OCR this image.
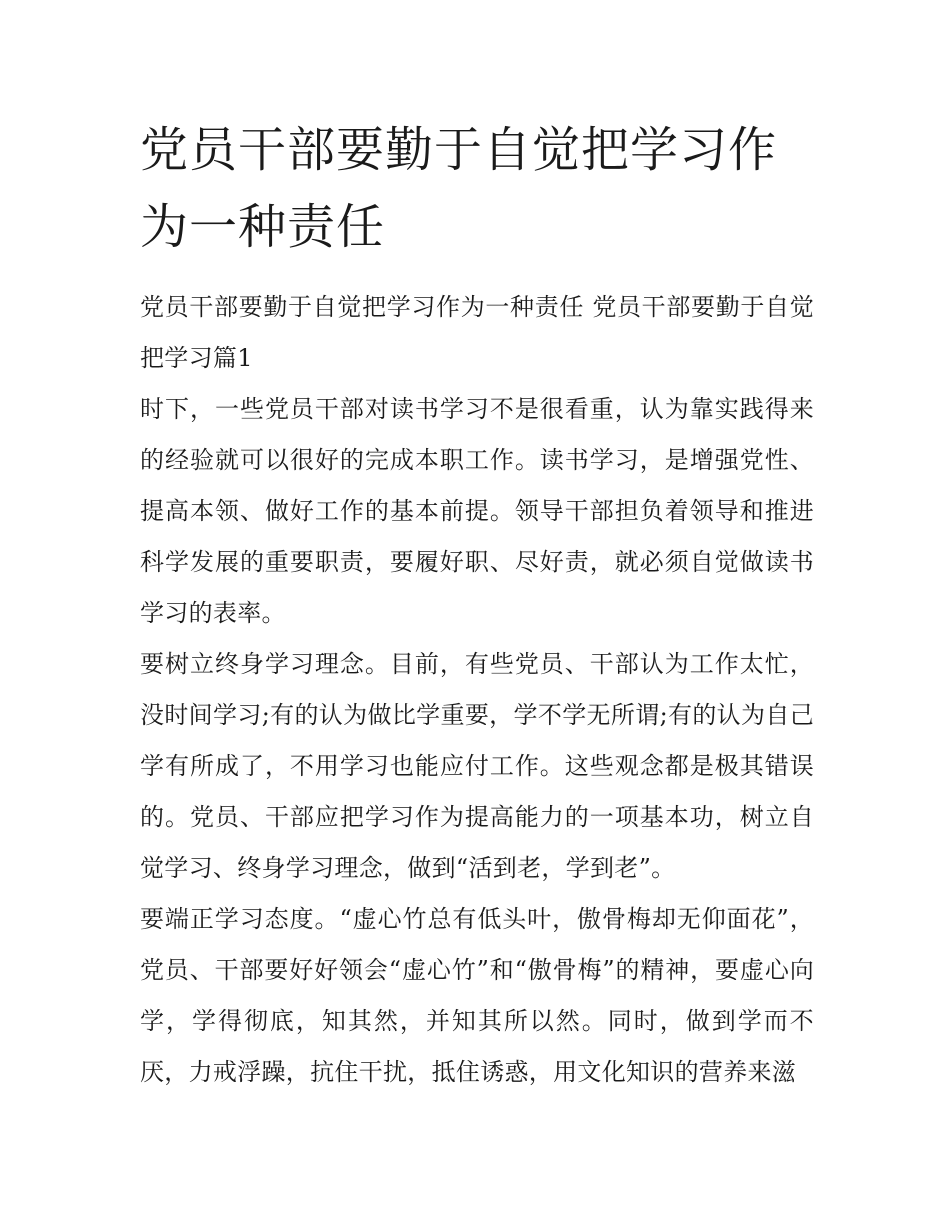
党员干部要勤于自觉把学习作为一种责任

党员干部要勤于自觉把学习作为一种责任 党员干部要勤于自觉把学习篇1

时下，一些党员干部对读书学习不是很看重，认为靠实践得来的经验就可以很好的完成本职工作。读书学习，是增强党性、提高本领、做好工作的基本前提。领导干部担负着领导和推进科学发展的重要职责，要履好职、尽好责，就必须自觉做读书学习的表率。

要树立终身学习理念。目前，有些党员、干部认为工作太忙，没时间学习;有的认为做比学重要，学不学无所谓;有的认为自己学有所成了，不用学习也能应付工作。这些观念都是极其错误的。党员、干部应把学习作为提高能力的一项基本功，树立自觉学习、终身学习理念，做到“活到老，学到老”。

要端正学习态度。“虚心竹总有低头叶，傲骨梅却无仰面花”，党员、干部要好好领会“虚心竹”和“傲骨梅”的精神，要虚心向学，学得彻底，知其然，并知其所以然。同时，做到学而不厌，力戒浮躁，抗住干扰，抵住诱惑，用文化知识的营养来滋
